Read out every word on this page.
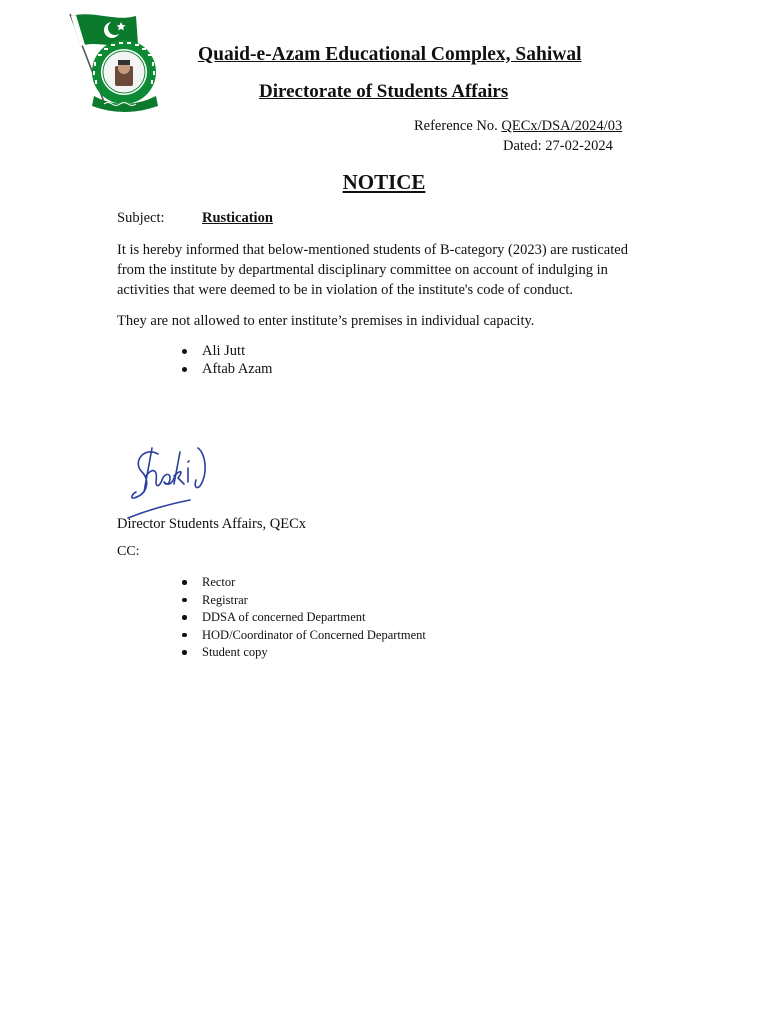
Quaid-e-Azam Educational Complex, Sahiwal
Directorate of Students Affairs
Reference No. QECx/DSA/2024/03
Dated: 27-02-2024
NOTICE
Subject:	Rustication
It is hereby informed that below-mentioned students of B-category (2023) are rusticated from the institute by departmental disciplinary committee on account of indulging in activities that were deemed to be in violation of the institute's code of conduct.
They are not allowed to enter institute’s premises in individual capacity.
Ali Jutt
Aftab Azam
Director Students Affairs, QECx
CC:
Rector
Registrar
DDSA of concerned Department
HOD/Coordinator of Concerned Department
Student copy
